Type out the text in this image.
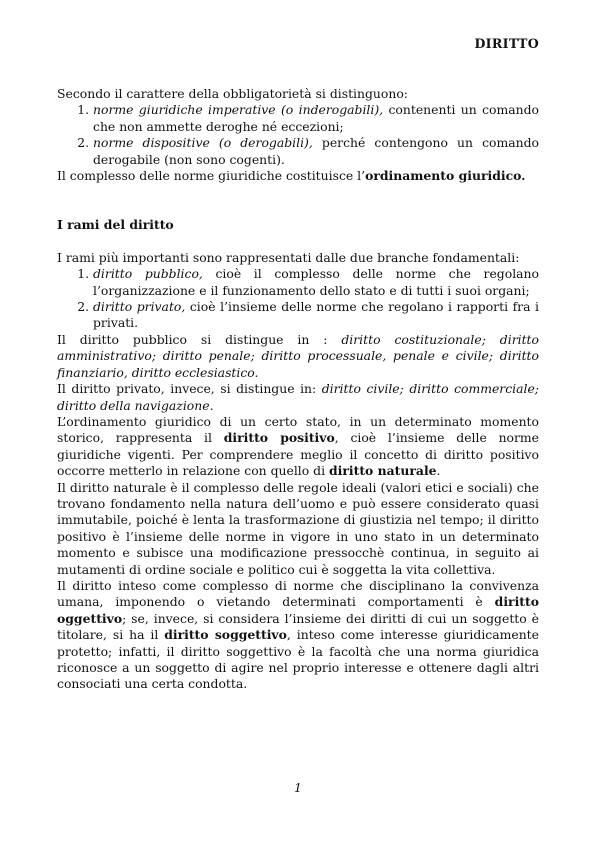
DIRITTO

Secondo il carattere della obbligatorietà si distinguono:

1. norme giuridiche imperative (o inderogabili), contenenti un comando che non ammette deroghe né eccezioni;
2. norme dispositive (o derogabili), perché contengono un comando derogabile (non sono cogenti).

Il complesso delle norme giuridiche costituisce l’ordinamento giuridico.

I rami del diritto

I rami più importanti sono rappresentati dalle due branche fondamentali:

1. diritto pubblico, cioè il complesso delle norme che regolano l’organizzazione e il funzionamento dello stato e di tutti i suoi organi;
2. diritto privato, cioè l’insieme delle norme che regolano i rapporti fra i privati.

Il diritto pubblico si distingue in : diritto costituzionale; diritto amministrativo; diritto penale; diritto processuale, penale e civile; diritto finanziario, diritto ecclesiastico.

Il diritto privato, invece, si distingue in: diritto civile; diritto commerciale; diritto della navigazione.

L’ordinamento giuridico di un certo stato, in un determinato momento storico, rappresenta il diritto positivo, cioè l’insieme delle norme giuridiche vigenti. Per comprendere meglio il concetto di diritto positivo occorre metterlo in relazione con quello di diritto naturale.

Il diritto naturale è il complesso delle regole ideali (valori etici e sociali) che trovano fondamento nella natura dell’uomo e può essere considerato quasi immutabile, poiché è lenta la trasformazione di giustizia nel tempo; il diritto positivo è l’insieme delle norme in vigore in uno stato in un determinato momento e subisce una modificazione pressocchè continua, in seguito ai mutamenti di ordine sociale e politico cui è soggetta la vita collettiva.

Il diritto inteso come complesso di norme che disciplinano la convivenza umana, imponendo o vietando determinati comportamenti è diritto oggettivo; se, invece, si considera l’insieme dei diritti di cui un soggetto è titolare, si ha il diritto soggettivo, inteso come interesse giuridicamente protetto; infatti, il diritto soggettivo è la facoltà che una norma giuridica riconosce a un soggetto di agire nel proprio interesse e ottenere dagli altri consociati una certa condotta.

1
